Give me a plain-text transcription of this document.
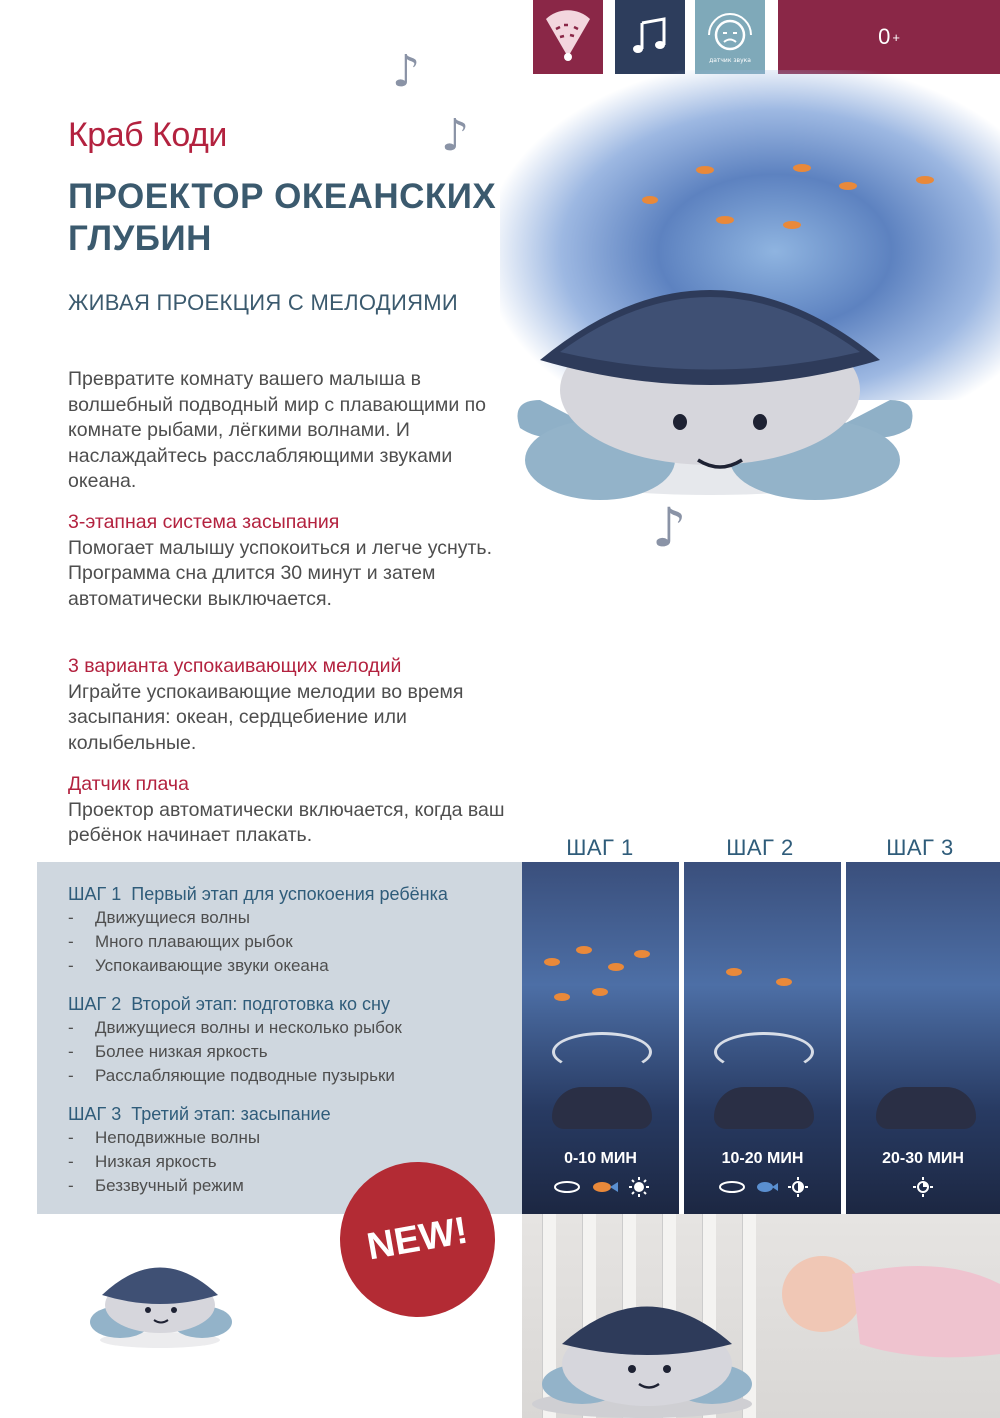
датчик звука
0 +
♪
♪
♪
Краб Коди
ПРОЕКТОР ОКЕАНСКИХ ГЛУБИН
ЖИВАЯ ПРОЕКЦИЯ С МЕЛОДИЯМИ

Превратите комнату вашего малыша в волшебный подводный мир с плавающими по комнате рыбами, лёгкими волнами. И наслаждайтесь расслабляющими звуками океана.

3-этапная система засыпания
Помогает малышу успокоиться и легче уснуть. Программа сна длится 30 минут и затем автоматически выключается.
3 варианта успокаивающих мелодий
Играйте успокаивающие мелодии во время засыпания: океан, сердцебиение или колыбельные.
Датчик плача
Проектор автоматически включается, когда ваш ребёнок начинает плакать.
ШАГ 1 Первый этап для успокоения ребёнка
-	Движущиеся волны
-	Много плавающих рыбок
-	Успокаивающие звуки океана
ШАГ 2 Второй этап: подготовка ко сну
-	Движущиеся волны и несколько рыбок
-	Более низкая яркость
-	Расслабляющие подводные пузырьки
ШАГ 3 Третий этап: засыпание
-	Неподвижные волны
-	Низкая яркость
-	Беззвучный режим
ШАГ 1	ШАГ 2	ШАГ 3
0-10 МИН	10-20 МИН	20-30 МИН
NEW!
